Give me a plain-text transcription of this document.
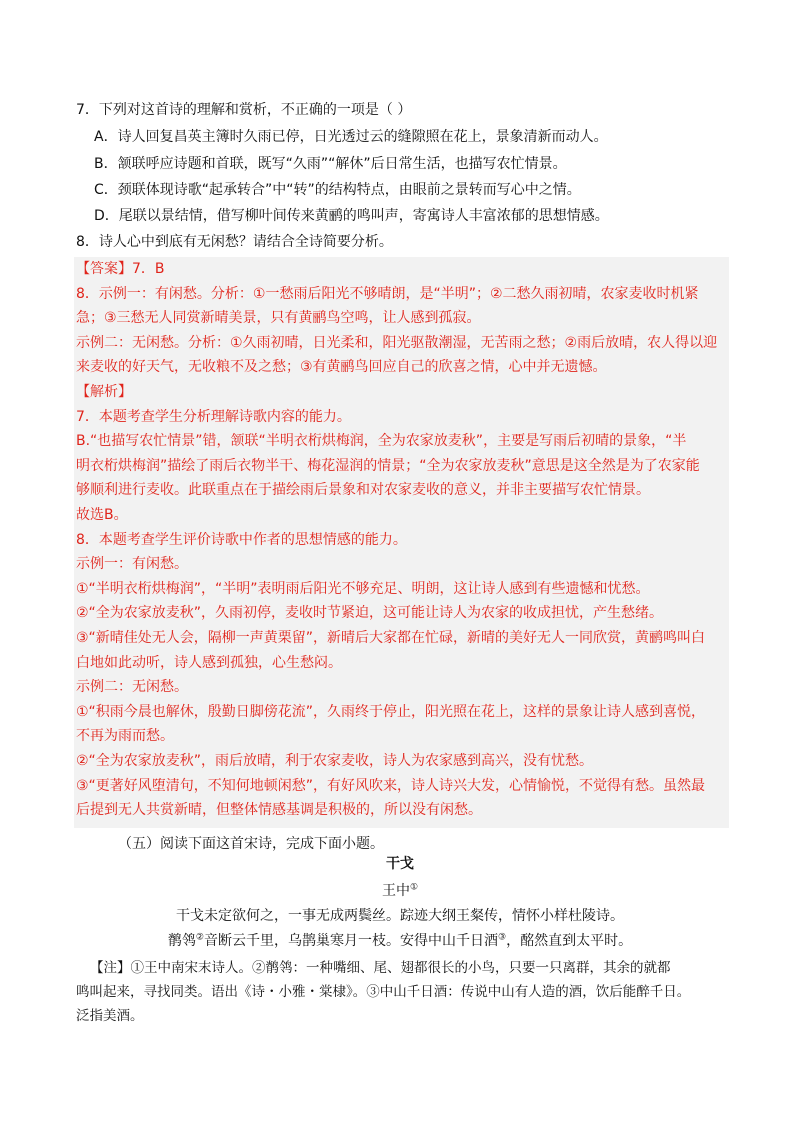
7．下列对这首诗的理解和赏析，不正确的一项是（ ）
A．诗人回复昌英主簿时久雨已停，日光透过云的缝隙照在花上，景象清新而动人。
B．颔联呼应诗题和首联，既写“久雨”“解休”后日常生活，也描写农忙情景。
C．颈联体现诗歌“起承转合”中“转”的结构特点，由眼前之景转而写心中之情。
D．尾联以景结情，借写柳叶间传来黄鹂的鸣叫声，寄寓诗人丰富浓郁的思想情感。
8．诗人心中到底有无闲愁？请结合全诗简要分析。
【答案】7．B
8．示例一：有闲愁。分析：①一愁雨后阳光不够晴朗，是“半明”；②二愁久雨初晴，农家麦收时机紧
急；③三愁无人同赏新晴美景，只有黄鹂鸟空鸣，让人感到孤寂。
示例二：无闲愁。分析：①久雨初晴，日光柔和，阳光驱散潮湿，无苦雨之愁；②雨后放晴，农人得以迎
来麦收的好天气，无收粮不及之愁；③有黄鹂鸟回应自己的欣喜之情，心中并无遗憾。
【解析】
7．本题考查学生分析理解诗歌内容的能力。
B.“也描写农忙情景”错，颔联“半明衣桁烘梅润，全为农家放麦秋”，主要是写雨后初晴的景象，“半
明衣桁烘梅润”描绘了雨后衣物半干、梅花湿润的情景；“全为农家放麦秋”意思是这全然是为了农家能
够顺利进行麦收。此联重点在于描绘雨后景象和对农家麦收的意义，并非主要描写农忙情景。
故选B。
8．本题考查学生评价诗歌中作者的思想情感的能力。
示例一：有闲愁。
①“半明衣桁烘梅润”，“半明”表明雨后阳光不够充足、明朗，这让诗人感到有些遗憾和忧愁。
②“全为农家放麦秋”，久雨初停，麦收时节紧迫，这可能让诗人为农家的收成担忧，产生愁绪。
③“新晴佳处无人会，隔柳一声黄栗留”，新晴后大家都在忙碌，新晴的美好无人一同欣赏，黄鹂鸣叫白
白地如此动听，诗人感到孤独，心生愁闷。
示例二：无闲愁。
①“积雨今晨也解休，殷勤日脚傍花流”，久雨终于停止，阳光照在花上，这样的景象让诗人感到喜悦，
不再为雨而愁。
②“全为农家放麦秋”，雨后放晴，利于农家麦收，诗人为农家感到高兴，没有忧愁。
③“更著好风堕清句，不知何地顿闲愁”，有好风吹来，诗人诗兴大发，心情愉悦，不觉得有愁。虽然最
后提到无人共赏新晴，但整体情感基调是积极的，所以没有闲愁。
（五）阅读下面这首宋诗，完成下面小题。
干戈
王中①
干戈未定欲何之，一事无成两鬓丝。踪迹大纲王粲传，情怀小样杜陵诗。
鹡鸰②音断云千里，乌鹊巢寒月一枝。安得中山千日酒③，酩然直到太平时。
【注】①王中南宋末诗人。②鹡鸰：一种嘴细、尾、翅都很长的小鸟，只要一只离群，其余的就都
鸣叫起来，寻找同类。语出《诗・小雅・棠棣》。③中山千日酒：传说中山有人造的酒，饮后能醉千日。
泛指美酒。
